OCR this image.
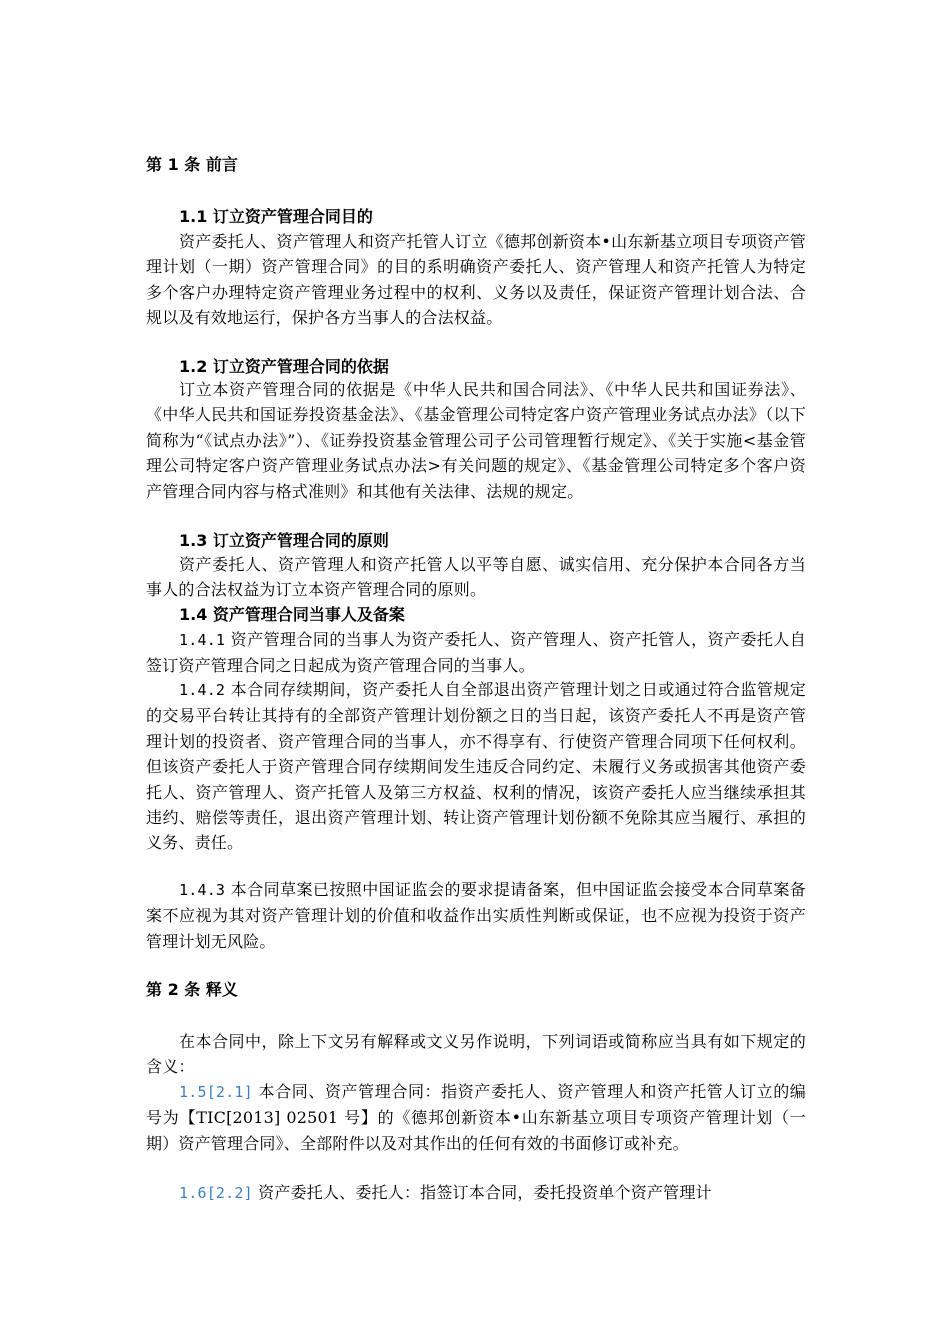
第 1 条 前言
1.1 订立资产管理合同目的
资产委托人、资产管理人和资产托管人订立《德邦创新资本•山东新基立项目专项资产管理计划（一期）资产管理合同》的目的系明确资产委托人、资产管理人和资产托管人为特定多个客户办理特定资产管理业务过程中的权利、义务以及责任，保证资产管理计划合法、合规以及有效地运行，保护各方当事人的合法权益。
1.2 订立资产管理合同的依据
订立本资产管理合同的依据是《中华人民共和国合同法》、《中华人民共和国证券法》、《中华人民共和国证券投资基金法》、《基金管理公司特定客户资产管理业务试点办法》（以下简称为“《试点办法》”）、《证券投资基金管理公司子公司管理暂行规定》、《关于实施<基金管理公司特定客户资产管理业务试点办法>有关问题的规定》、《基金管理公司特定多个客户资产管理合同内容与格式准则》和其他有关法律、法规的规定。
1.3 订立资产管理合同的原则
资产委托人、资产管理人和资产托管人以平等自愿、诚实信用、充分保护本合同各方当事人的合法权益为订立本资产管理合同的原则。
1.4 资产管理合同当事人及备案
1.4.1 资产管理合同的当事人为资产委托人、资产管理人、资产托管人，资产委托人自签订资产管理合同之日起成为资产管理合同的当事人。
1.4.2 本合同存续期间，资产委托人自全部退出资产管理计划之日或通过符合监管规定的交易平台转让其持有的全部资产管理计划份额之日的当日起，该资产委托人不再是资产管理计划的投资者、资产管理合同的当事人，亦不得享有、行使资产管理合同项下任何权利。但该资产委托人于资产管理合同存续期间发生违反合同约定、未履行义务或损害其他资产委托人、资产管理人、资产托管人及第三方权益、权利的情况，该资产委托人应当继续承担其违约、赔偿等责任，退出资产管理计划、转让资产管理计划份额不免除其应当履行、承担的义务、责任。
1.4.3 本合同草案已按照中国证监会的要求提请备案，但中国证监会接受本合同草案备案不应视为其对资产管理计划的价值和收益作出实质性判断或保证，也不应视为投资于资产管理计划无风险。
第 2 条 释义
在本合同中，除上下文另有解释或文义另作说明，下列词语或简称应当具有如下规定的含义：
1.5[2.1] 本合同、资产管理合同：指资产委托人、资产管理人和资产托管人订立的编号为【TIC[2013] 02501 号】的《德邦创新资本•山东新基立项目专项资产管理计划（一期）资产管理合同》、全部附件以及对其作出的任何有效的书面修订或补充。
1.6[2.2] 资产委托人、委托人：指签订本合同，委托投资单个资产管理计
